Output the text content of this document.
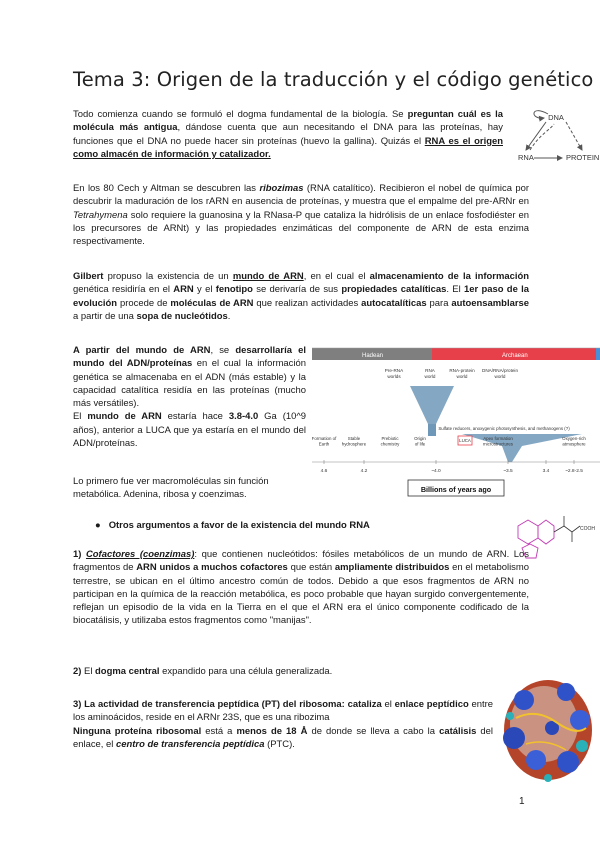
Tema 3: Origen de la traducción y el código genético
Todo comienza cuando se formuló el dogma fundamental de la biología. Se preguntan cuál es la molécula más antigua, dándose cuenta que aun necesitando el DNA para las proteínas, hay funciones que el DNA no puede hacer sin proteínas (huevo la gallina). Quizás el RNA es el origen como almacén de información y catalizador.
DNA
RNA	PROTEIN
En los 80 Cech y Altman se descubren las ribozimas (RNA catalítico). Recibieron el nobel de química por descubrir la maduración de los rARN en ausencia de proteínas, y muestra que el empalme del pre-ARNr en Tetrahymena solo requiere la guanosina y la RNasa-P que cataliza la hidrólisis de un enlace fosfodiéster en los precursores de ARNt) y las propiedades enzimáticas del componente de ARN de esta enzima respectivamente.
Gilbert propuso la existencia de un mundo de ARN, en el cual el almacenamiento de la información genética residiría en el ARN y el fenotipo se derivaría de sus propiedades catalíticas. El 1er paso de la evolución procede de moléculas de ARN que realizan actividades autocatalíticas para autoensamblarse a partir de una sopa de nucleótidos.
A partir del mundo de ARN, se desarrollaría el mundo del ADN/proteínas en el cual la información genética se almacenaba en el ADN (más estable) y la capacidad catalítica residía en las proteínas (mucho más versátiles).
El mundo de ARN estaría hace 3.8-4.0 Ga (10^9 años), anterior a LUCA que ya estaría en el mundo del ADN/proteínas.
Hadean	Archaean
Pre-RNA worlds
RNA world
RNA-protein world
DNA/RNA/protein world
Sulfate reducers, anoxygenic photosynthesis, and methanogens (?)
Formation of Earth
Stable hydrosphere
Prebiotic chemistry
Origin of life
LUCA	Apex formation microstructures
Oxygen-rich atmosphere
4.6	4.2	~4.0	~3.5	3.4	~2.8-2.5
Billions of years ago
Lo primero fue ver macromoléculas sin función metabólica. Adenina, ribosa y coenzimas.
● Otros argumentos a favor de la existencia del mundo RNA	COOH
1) Cofactores (coenzimas): que contienen nucleótidos: fósiles metabólicos de un mundo de ARN. Los fragmentos de ARN unidos a muchos cofactores que están ampliamente distribuidos en el metabolismo terrestre, se ubican en el último ancestro común de todos. Debido a que esos fragmentos de ARN no participan en la química de la reacción metabólica, es poco probable que hayan surgido convergentemente, reflejan un episodio de la vida en la Tierra en el que el ARN era el único componente codificado de la biocatálisis, y utilizaba estos fragmentos como "manijas".
2) El dogma central expandido para una célula generalizada.
3) La actividad de transferencia peptídica (PT) del ribosoma: cataliza el enlace peptídico entre los aminoácidos, reside en el ARNr 23S, que es una ribozima
Ninguna proteína ribosomal está a menos de 18 Å de donde se lleva a cabo la catálisis del enlace, el centro de transferencia peptídica (PTC).
1
